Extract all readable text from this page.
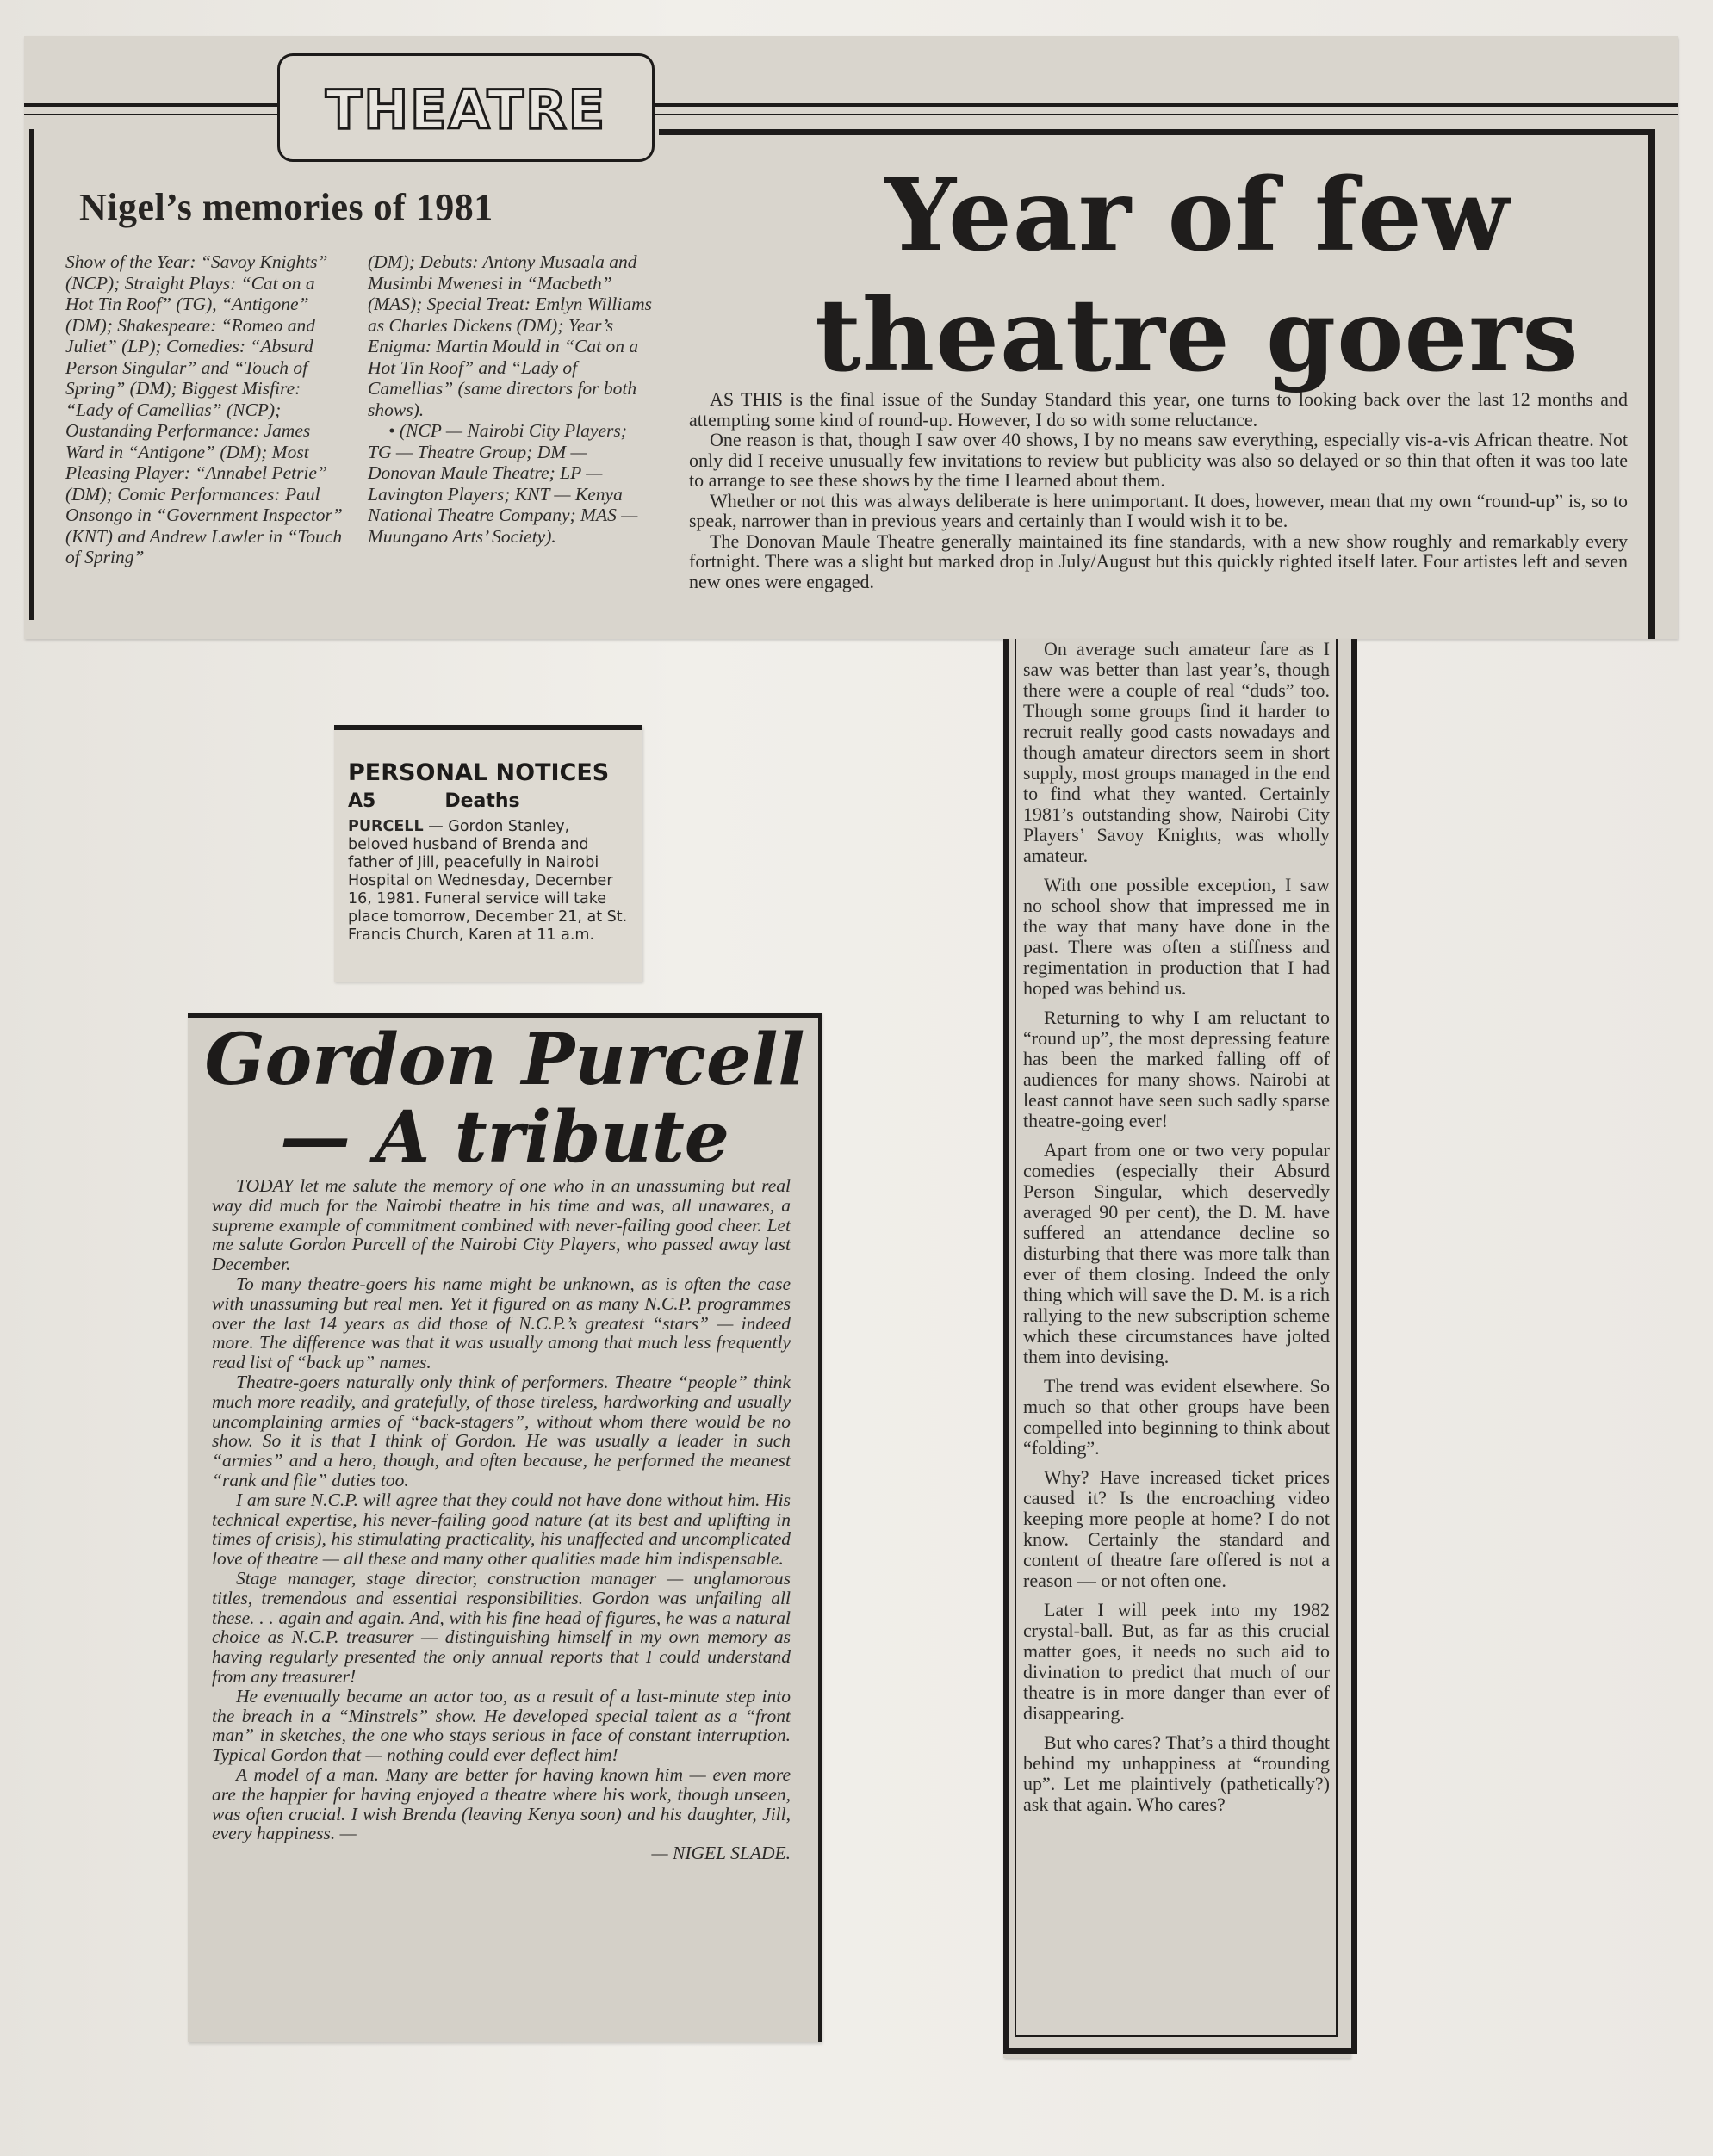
THEATRE
Nigel’s memories of 1981

Show of the Year: “Savoy Knights” (NCP); Straight Plays: “Cat on a Hot Tin Roof” (TG), “Antigone” (DM); Shakespeare: “Romeo and Juliet” (LP); Comedies: “Absurd Person Singular” and “Touch of Spring” (DM); Biggest Misfire: “Lady of Camellias” (NCP); Oustanding Performance: James Ward in “Antigone” (DM); Most Pleasing Player: “Annabel Petrie” (DM); Comic Performances: Paul Onsongo in “Government Inspector” (KNT) and Andrew Lawler in “Touch of Spring”

(DM); Debuts: Antony Musaala and Musimbi Mwenesi in “Macbeth” (MAS); Special Treat: Emlyn Williams as Charles Dickens (DM); Year’s Enigma: Martin Mould in “Cat on a Hot Tin Roof” and “Lady of Camellias” (same directors for both shows).

• (NCP — Nairobi City Players; TG — Theatre Group; DM — Donovan Maule Theatre; LP — Lavington Players; KNT — Kenya National Theatre Company; MAS — Muungano Arts’ Society).

Year of few
theatre goers

AS THIS is the final issue of the Sunday Standard this year, one turns to looking back over the last 12 months and attempting some kind of round-up. However, I do so with some reluctance.

One reason is that, though I saw over 40 shows, I by no means saw everything, especially vis-a-vis African theatre. Not only did I receive unusually few invitations to review but publicity was also so delayed or so thin that often it was too late to arrange to see these shows by the time I learned about them.

Whether or not this was always deliberate is here unimportant. It does, however, mean that my own “round-up” is, so to speak, narrower than in previous years and certainly than I would wish it to be.

The Donovan Maule Theatre generally maintained its fine standards, with a new show roughly and remarkably every fortnight. There was a slight but marked drop in July/August but this quickly righted itself later. Four artistes left and seven new ones were engaged.

On average such amateur fare as I saw was better than last year’s, though there were a couple of real “duds” too. Though some groups find it harder to recruit really good casts nowadays and though amateur directors seem in short supply, most groups managed in the end to find what they wanted. Certainly 1981’s outstanding show, Nairobi City Players’ Savoy Knights, was wholly amateur.

With one possible exception, I saw no school show that impressed me in the way that many have done in the past. There was often a stiffness and regimentation in production that I had hoped was behind us.

Returning to why I am reluctant to “round up”, the most depressing feature has been the marked falling off of audiences for many shows. Nairobi at least cannot have seen such sadly sparse theatre-going ever!

Apart from one or two very popular comedies (especially their Absurd Person Singular, which deservedly averaged 90 per cent), the D. M. have suffered an attendance decline so disturbing that there was more talk than ever of them closing. Indeed the only thing which will save the D. M. is a rich rallying to the new subscription scheme which these circumstances have jolted them into devising.

The trend was evident elsewhere. So much so that other groups have been compelled into beginning to think about “folding”.

Why? Have increased ticket prices caused it? Is the encroaching video keeping more people at home? I do not know. Certainly the standard and content of theatre fare offered is not a reason — or not often one.

Later I will peek into my 1982 crystal-ball. But, as far as this crucial matter goes, it needs no such aid to divination to predict that much of our theatre is in more danger than ever of disappearing.

But who cares? That’s a third thought behind my unhappiness at “rounding up”. Let me plaintively (pathetically?) ask that again. Who cares?

PERSONAL NOTICES
A5	Deaths
PURCELL — Gordon Stanley, beloved husband of Brenda and father of Jill, peacefully in Nairobi Hospital on Wednesday, December 16, 1981. Funeral service will take place tomorrow, December 21, at St. Francis Church, Karen at 11 a.m.
Gordon Purcell
— A tribute

TODAY let me salute the memory of one who in an unassuming but real way did much for the Nairobi theatre in his time and was, all unawares, a supreme example of commitment combined with never-failing good cheer. Let me salute Gordon Purcell of the Nairobi City Players, who passed away last December.

To many theatre-goers his name might be unknown, as is often the case with unassuming but real men. Yet it figured on as many N.C.P. programmes over the last 14 years as did those of N.C.P.’s greatest “stars” — indeed more. The difference was that it was usually among that much less frequently read list of “back up” names.

Theatre-goers naturally only think of performers. Theatre “people” think much more readily, and gratefully, of those tireless, hardworking and usually uncomplaining armies of “back-stagers”, without whom there would be no show. So it is that I think of Gordon. He was usually a leader in such “armies” and a hero, though, and often because, he performed the meanest “rank and file” duties too.

I am sure N.C.P. will agree that they could not have done without him. His technical expertise, his never-failing good nature (at its best and uplifting in times of crisis), his stimulating practicality, his unaffected and uncomplicated love of theatre — all these and many other qualities made him indispensable.

Stage manager, stage director, construction manager — unglamorous titles, tremendous and essential responsibilities. Gordon was unfailing all these. . . again and again. And, with his fine head of figures, he was a natural choice as N.C.P. treasurer — distinguishing himself in my own memory as having regularly presented the only annual reports that I could understand from any treasurer!

He eventually became an actor too, as a result of a last-minute step into the breach in a “Minstrels” show. He developed special talent as a “front man” in sketches, the one who stays serious in face of constant interruption. Typical Gordon that — nothing could ever deflect him!

A model of a man. Many are better for having known him — even more are the happier for having enjoyed a theatre where his work, though unseen, was often crucial. I wish Brenda (leaving Kenya soon) and his daughter, Jill, every happiness. —

— NIGEL SLADE.
